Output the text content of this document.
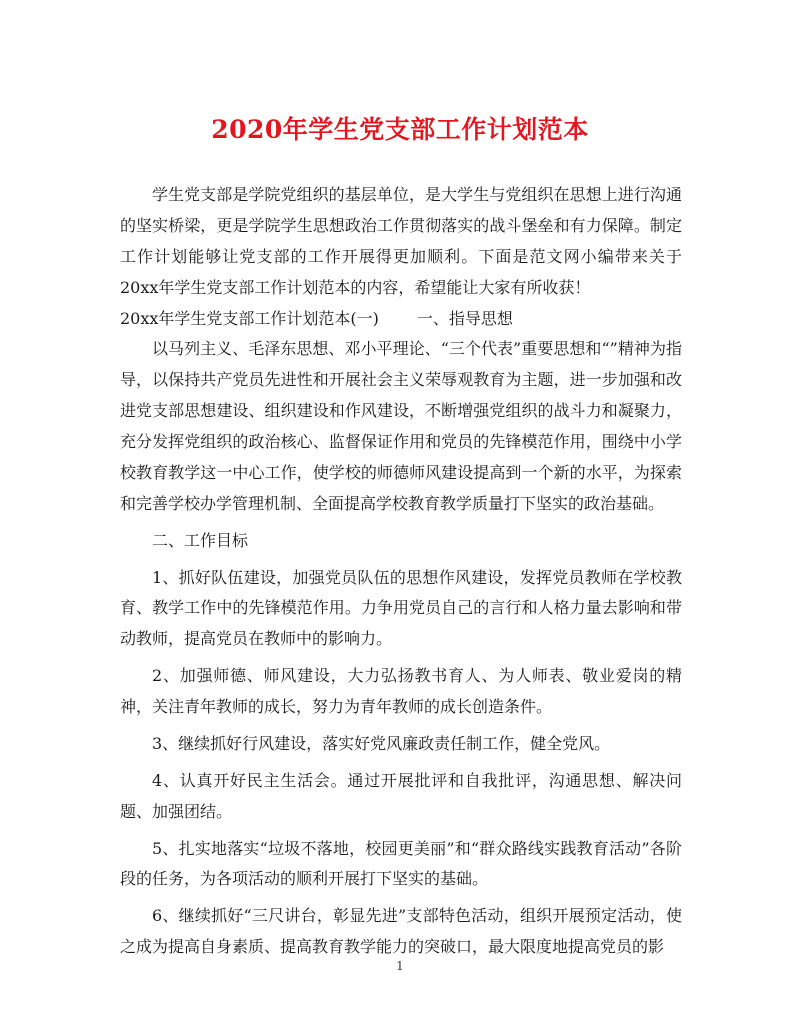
2020年学生党支部工作计划范本

学生党支部是学院党组织的基层单位，是大学生与党组织在思想上进行沟通的坚实桥梁，更是学院学生思想政治工作贯彻落实的战斗堡垒和有力保障。制定工作计划能够让党支部的工作开展得更加顺利。下面是范文网小编带来关于20xx年学生党支部工作计划范本的内容，希望能让大家有所收获！

20xx年学生党支部工作计划范本(一) 一、指导思想

以马列主义、毛泽东思想、邓小平理论、“三个代表”重要思想和“”精神为指导，以保持共产党员先进性和开展社会主义荣辱观教育为主题，进一步加强和改进党支部思想建设、组织建设和作风建设，不断增强党组织的战斗力和凝聚力，充分发挥党组织的政治核心、监督保证作用和党员的先锋模范作用，围绕中小学校教育教学这一中心工作，使学校的师德师风建设提高到一个新的水平，为探索和完善学校办学管理机制、全面提高学校教育教学质量打下坚实的政治基础。

二、工作目标

1、抓好队伍建设，加强党员队伍的思想作风建设，发挥党员教师在学校教育、教学工作中的先锋模范作用。力争用党员自己的言行和人格力量去影响和带动教师，提高党员在教师中的影响力。

2、加强师德、师风建设，大力弘扬教书育人、为人师表、敬业爱岗的精神，关注青年教师的成长，努力为青年教师的成长创造条件。

3、继续抓好行风建设，落实好党风廉政责任制工作，健全党风。

4、认真开好民主生活会。通过开展批评和自我批评，沟通思想、解决问题、加强团结。

5、扎实地落实“垃圾不落地，校园更美丽”和“群众路线实践教育活动”各阶段的任务，为各项活动的顺利开展打下坚实的基础。

6、继续抓好“三尺讲台，彰显先进”支部特色活动，组织开展预定活动，使之成为提高自身素质、提高教育教学能力的突破口，最大限度地提高党员的影

1
